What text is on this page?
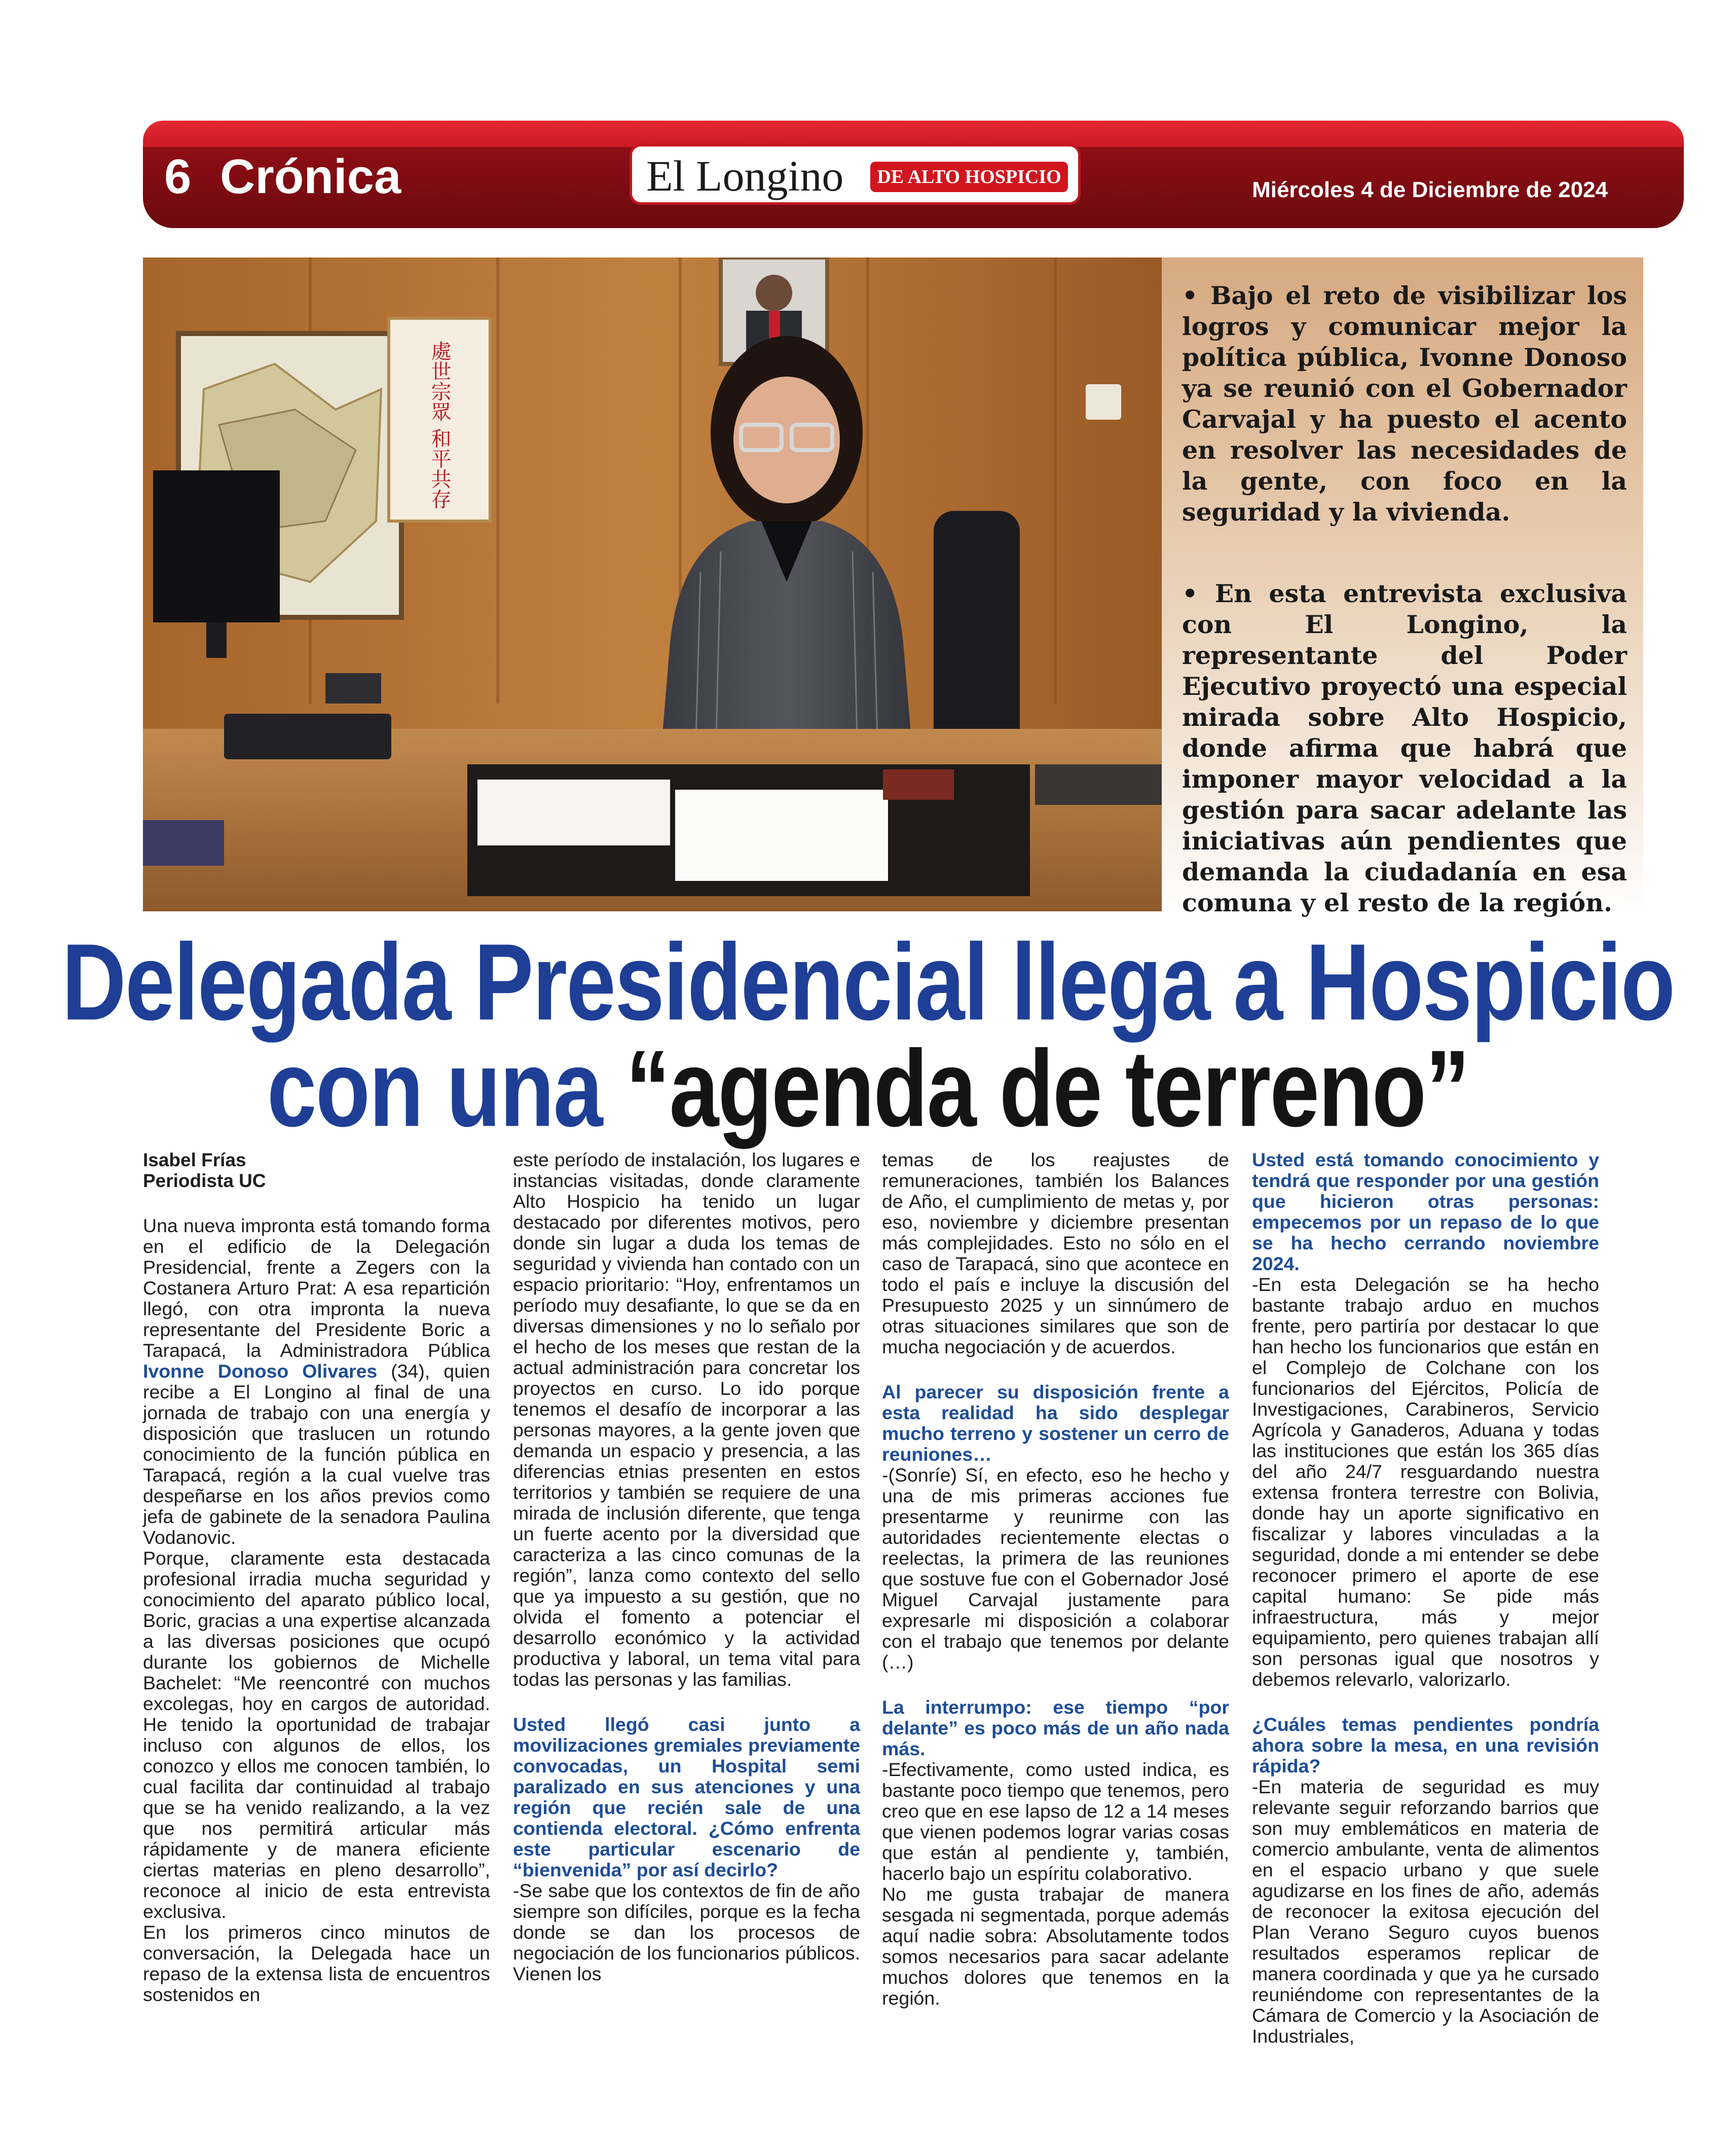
6 Crónica	El Longino	DE ALTO HOSPICIO
Miércoles 4 de Diciembre de 2024
處世宗眾 和平共存

• Bajo el reto de visibilizar los logros y comunicar mejor la política pública, Ivonne Donoso ya se reunió con el Gobernador Carvajal y ha puesto el acento en resolver las necesidades de la gente, con foco en la seguridad y la vivienda.

• En esta entrevista exclusiva con El Longino, la representante del Poder Ejecutivo proyectó una especial mirada sobre Alto Hospicio, donde afirma que habrá que imponer mayor velocidad a la gestión para sacar adelante las iniciativas aún pendientes que demanda la ciudadanía en esa comuna y el resto de la región.

Delegada Presidencial llega a Hospicio
con una “agenda de terreno”

Isabel Frías

Periodista UC

Una nueva impronta está tomando forma en el edificio de la Delegación Presidencial, frente a Zegers con la Costanera Arturo Prat: A esa repartición llegó, con otra impronta la nueva representante del Presidente Boric a Tarapacá, la Administradora Pública Ivonne Donoso Olivares (34), quien recibe a El Longino al final de una jornada de trabajo con una energía y disposición que traslucen un rotundo conocimiento de la función pública en Tarapacá, región a la cual vuelve tras despeñarse en los años previos como jefa de gabinete de la senadora Paulina Vodanovic.

Porque, claramente esta destacada profesional irradia mucha seguridad y conocimiento del aparato público local, Boric, gracias a una expertise alcanzada a las diversas posiciones que ocupó durante los gobiernos de Michelle Bachelet: “Me reencontré con muchos excolegas, hoy en cargos de autoridad. He tenido la oportunidad de trabajar incluso con algunos de ellos, los conozco y ellos me conocen también, lo cual facilita dar continuidad al trabajo que se ha venido realizando, a la vez que nos permitirá articular más rápidamente y de manera eficiente ciertas materias en pleno desarrollo”, reconoce al inicio de esta entrevista exclusiva.

En los primeros cinco minutos de conversación, la Delegada hace un repaso de la extensa lista de encuentros sostenidos en

este período de instalación, los lugares e instancias visitadas, donde claramente Alto Hospicio ha tenido un lugar destacado por diferentes motivos, pero donde sin lugar a duda los temas de seguridad y vivienda han contado con un espacio prioritario: “Hoy, enfrentamos un período muy desafiante, lo que se da en diversas dimensiones y no lo señalo por el hecho de los meses que restan de la actual administración para concretar los proyectos en curso. Lo ido porque tenemos el desafío de incorporar a las personas mayores, a la gente joven que demanda un espacio y presencia, a las diferencias etnias presenten en estos territorios y también se requiere de una mirada de inclusión diferente, que tenga un fuerte acento por la diversidad que caracteriza a las cinco comunas de la región”, lanza como contexto del sello que ya impuesto a su gestión, que no olvida el fomento a potenciar el desarrollo económico y la actividad productiva y laboral, un tema vital para todas las personas y las familias.

Usted llegó casi junto a movilizaciones gremiales previamente convocadas, un Hospital semi paralizado en sus atenciones y una región que recién sale de una contienda electoral. ¿Cómo enfrenta este particular escenario de “bienvenida” por así decirlo?

-Se sabe que los contextos de fin de año siempre son difíciles, porque es la fecha donde se dan los procesos de negociación de los funcionarios públicos. Vienen los

temas de los reajustes de remuneraciones, también los Balances de Año, el cumplimiento de metas y, por eso, noviembre y diciembre presentan más complejidades. Esto no sólo en el caso de Tarapacá, sino que acontece en todo el país e incluye la discusión del Presupuesto 2025 y un sinnúmero de otras situaciones similares que son de mucha negociación y de acuerdos.

Al parecer su disposición frente a esta realidad ha sido desplegar mucho terreno y sostener un cerro de reuniones…

-(Sonríe) Sí, en efecto, eso he hecho y una de mis primeras acciones fue presentarme y reunirme con las autoridades recientemente electas o reelectas, la primera de las reuniones que sostuve fue con el Gobernador José Miguel Carvajal justamente para expresarle mi disposición a colaborar con el trabajo que tenemos por delante (…)

La interrumpo: ese tiempo “por delante” es poco más de un año nada más.

-Efectivamente, como usted indica, es bastante poco tiempo que tenemos, pero creo que en ese lapso de 12 a 14 meses que vienen podemos lograr varias cosas que están al pendiente y, también, hacerlo bajo un espíritu colaborativo.

No me gusta trabajar de manera sesgada ni segmentada, porque además aquí nadie sobra: Absolutamente todos somos necesarios para sacar adelante muchos dolores que tenemos en la región.

Usted está tomando conocimiento y tendrá que responder por una gestión que hicieron otras personas: empecemos por un repaso de lo que se ha hecho cerrando noviembre 2024.

-En esta Delegación se ha hecho bastante trabajo arduo en muchos frente, pero partiría por destacar lo que han hecho los funcionarios que están en el Complejo de Colchane con los funcionarios del Ejércitos, Policía de Investigaciones, Carabineros, Servicio Agrícola y Ganaderos, Aduana y todas las instituciones que están los 365 días del año 24/7 resguardando nuestra extensa frontera terrestre con Bolivia, donde hay un aporte significativo en fiscalizar y labores vinculadas a la seguridad, donde a mi entender se debe reconocer primero el aporte de ese capital humano: Se pide más infraestructura, más y mejor equipamiento, pero quienes trabajan allí son personas igual que nosotros y debemos relevarlo, valorizarlo.

¿Cuáles temas pendientes pondría ahora sobre la mesa, en una revisión rápida?

-En materia de seguridad es muy relevante seguir reforzando barrios que son muy emblemáticos en materia de comercio ambulante, venta de alimentos en el espacio urbano y que suele agudizarse en los fines de año, además de reconocer la exitosa ejecución del Plan Verano Seguro cuyos buenos resultados esperamos replicar de manera coordinada y que ya he cursado reuniéndome con representantes de la Cámara de Comercio y la Asociación de Industriales,
